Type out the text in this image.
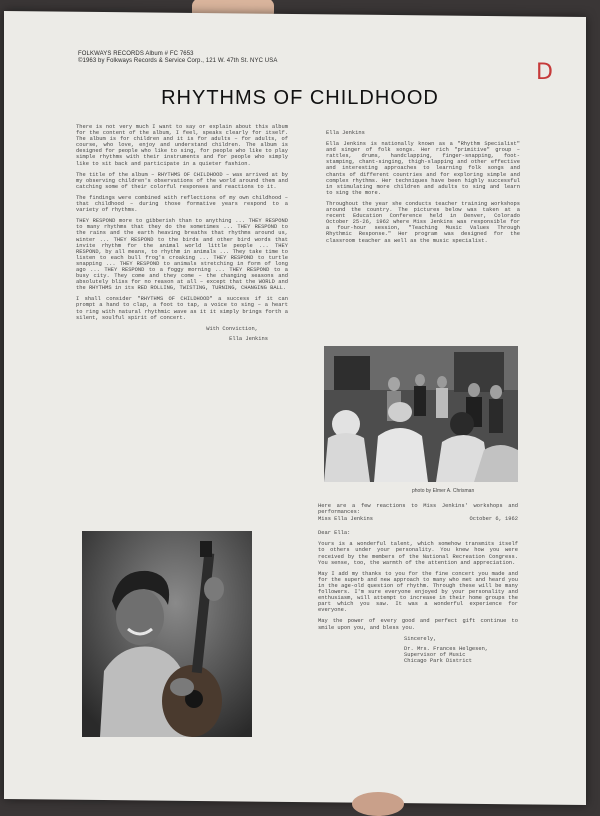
FOLKWAYS RECORDS Album # FC 7653
©1963 by Folkways Records & Service Corp., 121 W. 47th St. NYC USA	D
RHYTHMS OF CHILDHOOD

There is not very much I want to say or explain about this album for the content of the album, I feel, speaks clearly for itself. The album is for children and it is for adults – for adults, of course, who love, enjoy and understand children. The album is designed for people who like to sing, for people who like to play simple rhythms with their instruments and for people who simply like to sit back and participate in a quieter fashion.

The title of the album – RHYTHMS OF CHILDHOOD – was arrived at by my observing children's observations of the world around them and catching some of their colorful responses and reactions to it.

The findings were combined with reflections of my own childhood – that childhood – during those formative years respond to a variety of rhythms.

THEY RESPOND more to gibberish than to anything ... THEY RESPOND to many rhythms that they do the sometimes ... THEY RESPOND to the rains and the earth heaving breaths that rhythms around us, winter ... THEY RESPOND to the birds and other bird words that invite rhythm for the animal world little people ... THEY RESPOND, by all means, to rhythm in animals ... They take time to listen to each bull frog's croaking ... THEY RESPOND to turtle snapping ... THEY RESPOND to animals stretching in form of long ago ... THEY RESPOND to a foggy morning ... THEY RESPOND to a busy city. They come and they come – the changing seasons and absolutely bliss for no reason at all – except that the WORLD and the RHYTHMS in its RED ROLLING, TWISTING, TURNING, CHANGING BALL.

I shall consider "RHYTHMS OF CHILDHOOD" a success if it can prompt a hand to clap, a foot to tap, a voice to sing – a heart to ring with natural rhythmic wave as it it simply brings forth a silent, soulful spirit of concert.

With Conviction,

Ella Jenkins

Ella Jenkins

Ella Jenkins is nationally known as a "Rhythm Specialist" and singer of folk songs. Her rich "primitive" group – rattles, drums, handclapping, finger-snapping, foot-stamping, chant-singing, thigh-slapping and other effective and interesting approaches to learning folk songs and chants of different countries and for exploring simple and complex rhythms. Her techniques have been highly successful in stimulating more children and adults to sing and learn to sing the more.

Throughout the year she conducts teacher training workshops around the country. The pictures below was taken at a recent Education Conference held in Denver, Colorado October 25-26, 1962 where Miss Jenkins was responsible for a four-hour session, "Teaching Music Values Through Rhythmic Response." Her program was designed for the classroom teacher as well as the music specialist.

photo by Elmer A. Chrisman

Here are a few reactions to Miss Jenkins' workshops and performances:

Miss Ella Jenkins	October 6, 1962

Dear Ella:

Yours is a wonderful talent, which somehow transmits itself to others under your personality. You knew how you were received by the members of the National Recreation Congress. You sense, too, the warmth of the attention and appreciation.

May I add my thanks to you for the fine concert you made and for the superb and new approach to many who met and heard you in the age-old question of rhythm. Through these will be many followers. I'm sure everyone enjoyed by your personality and enthusiasm, will attempt to increase in their home groups the part which you saw. It was a wonderful experience for everyone.

May the power of every good and perfect gift continue to smile upon you, and bless you.

Sincerely,

Dr. Mrs. Frances Helgesen,

Supervisor of Music

Chicago Park District
